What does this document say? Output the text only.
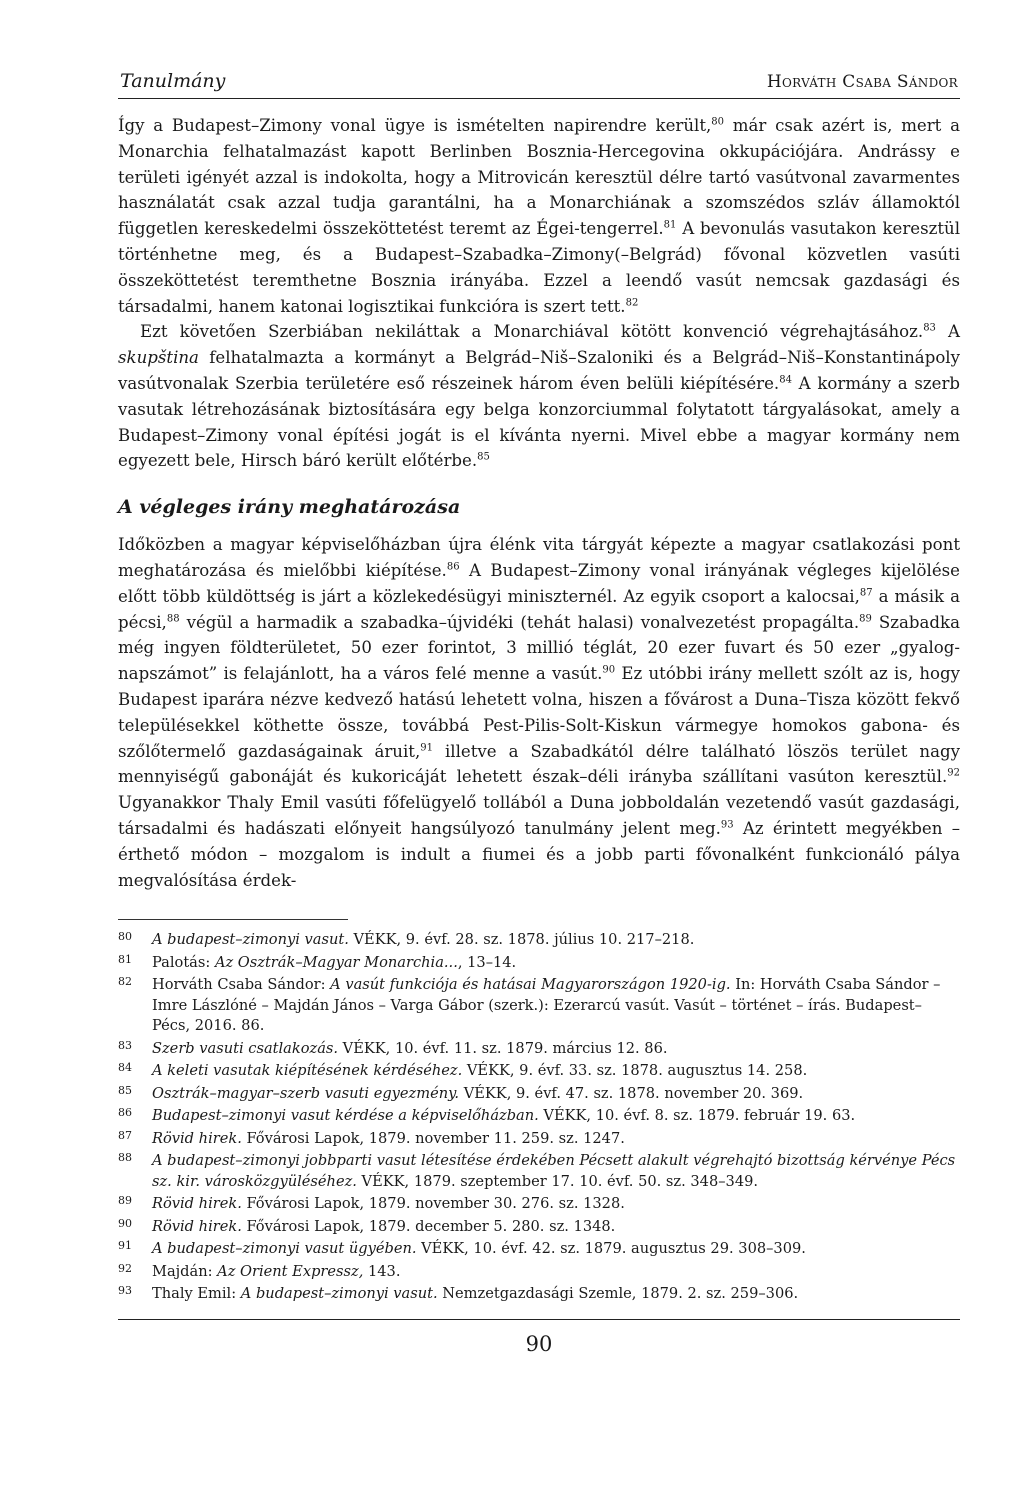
Tanulmány	Horváth Csaba Sándor

Így a Budapest–Zimony vonal ügye is ismételten napirendre került,$^{80}$ már csak azért is, mert a Monarchia felhatalmazást kapott Berlinben Bosznia-Hercegovina okkupációjára. Andrássy e területi igényét azzal is indokolta, hogy a Mitrovicán keresztül délre tartó vasútvonal zavarmentes használatát csak azzal tudja garantálni, ha a Monarchiának a szomszédos szláv államoktól független kereskedelmi összeköttetést teremt az Égei-tengerrel.$^{81}$ A bevonulás vasutakon keresztül történhetne meg, és a Budapest–Szabadka–Zimony(–Belgrád) fővonal közvetlen vasúti összeköttetést teremthetne Bosznia irányába. Ezzel a leendő vasút nemcsak gazdasági és társadalmi, hanem katonai logisztikai funkcióra is szert tett.$^{82}$

Ezt követően Szerbiában nekiláttak a Monarchiával kötött konvenció végrehajtásához.$^{83}$ A skupština felhatalmazta a kormányt a Belgrád–Niš–Szaloniki és a Belgrád–Niš–Konstantinápoly vasútvonalak Szerbia területére eső részeinek három éven belüli kiépítésére.$^{84}$ A kormány a szerb vasutak létrehozásának biztosítására egy belga konzorciummal folytatott tárgyalásokat, amely a Budapest–Zimony vonal építési jogát is el kívánta nyerni. Mivel ebbe a magyar kormány nem egyezett bele, Hirsch báró került előtérbe.$^{85}$

A végleges irány meghatározása

Időközben a magyar képviselőházban újra élénk vita tárgyát képezte a magyar csatlakozási pont meghatározása és mielőbbi kiépítése.$^{86}$ A Budapest–Zimony vonal irányának végleges kijelölése előtt több küldöttség is járt a közlekedésügyi miniszternél. Az egyik csoport a kalocsai,$^{87}$ a másik a pécsi,$^{88}$ végül a harmadik a szabadka–újvidéki (tehát halasi) vonalvezetést propagálta.$^{89}$ Szabadka még ingyen földterületet, 50 ezer forintot, 3 millió téglát, 20 ezer fuvart és 50 ezer „gyalog-napszámot” is felajánlott, ha a város felé menne a vasút.$^{90}$ Ez utóbbi irány mellett szólt az is, hogy Budapest iparára nézve kedvező hatású lehetett volna, hiszen a fővárost a Duna–Tisza között fekvő településekkel köthette össze, továbbá Pest-Pilis-Solt-Kiskun vármegye homokos gabona- és szőlőtermelő gazdaságainak áruit,$^{91}$ illetve a Szabadkától délre található löszös terület nagy mennyiségű gabonáját és kukoricáját lehetett észak–déli irányba szállítani vasúton keresztül.$^{92}$ Ugyanakkor Thaly Emil vasúti főfelügyelő tollából a Duna jobboldalán vezetendő vasút gazdasági, társadalmi és hadászati előnyeit hangsúlyozó tanulmány jelent meg.$^{93}$ Az érintett megyékben – érthető módon – mozgalom is indult a fiumei és a jobb parti fővonalként funkcionáló pálya megvalósítása érdek-

80	A budapest–zimonyi vasut. VÉKK, 9. évf. 28. sz. 1878. július 10. 217–218.
81	Palotás: Az Osztrák–Magyar Monarchia..., 13–14.
82	Horváth Csaba Sándor: A vasút funkciója és hatásai Magyarországon 1920-ig. In: Horváth Csaba Sándor – Imre Lászlóné – Majdán János – Varga Gábor (szerk.): Ezerarcú vasút. Vasút – történet – írás. Budapest–Pécs, 2016. 86.
83	Szerb vasuti csatlakozás. VÉKK, 10. évf. 11. sz. 1879. március 12. 86.
84	A keleti vasutak kiépítésének kérdéséhez. VÉKK, 9. évf. 33. sz. 1878. augusztus 14. 258.
85	Osztrák–magyar–szerb vasuti egyezmény. VÉKK, 9. évf. 47. sz. 1878. november 20. 369.
86	Budapest–zimonyi vasut kérdése a képviselőházban. VÉKK, 10. évf. 8. sz. 1879. február 19. 63.
87	Rövid hirek. Fővárosi Lapok, 1879. november 11. 259. sz. 1247.
88	A budapest–zimonyi jobbparti vasut létesítése érdekében Pécsett alakult végrehajtó bizottság kérvénye Pécs sz. kir. városközgyüléséhez. VÉKK, 1879. szeptember 17. 10. évf. 50. sz. 348–349.
89	Rövid hirek. Fővárosi Lapok, 1879. november 30. 276. sz. 1328.
90	Rövid hirek. Fővárosi Lapok, 1879. december 5. 280. sz. 1348.
91	A budapest–zimonyi vasut ügyében. VÉKK, 10. évf. 42. sz. 1879. augusztus 29. 308–309.
92	Majdán: Az Orient Expressz, 143.
93	Thaly Emil: A budapest–zimonyi vasut. Nemzetgazdasági Szemle, 1879. 2. sz. 259–306.
90
